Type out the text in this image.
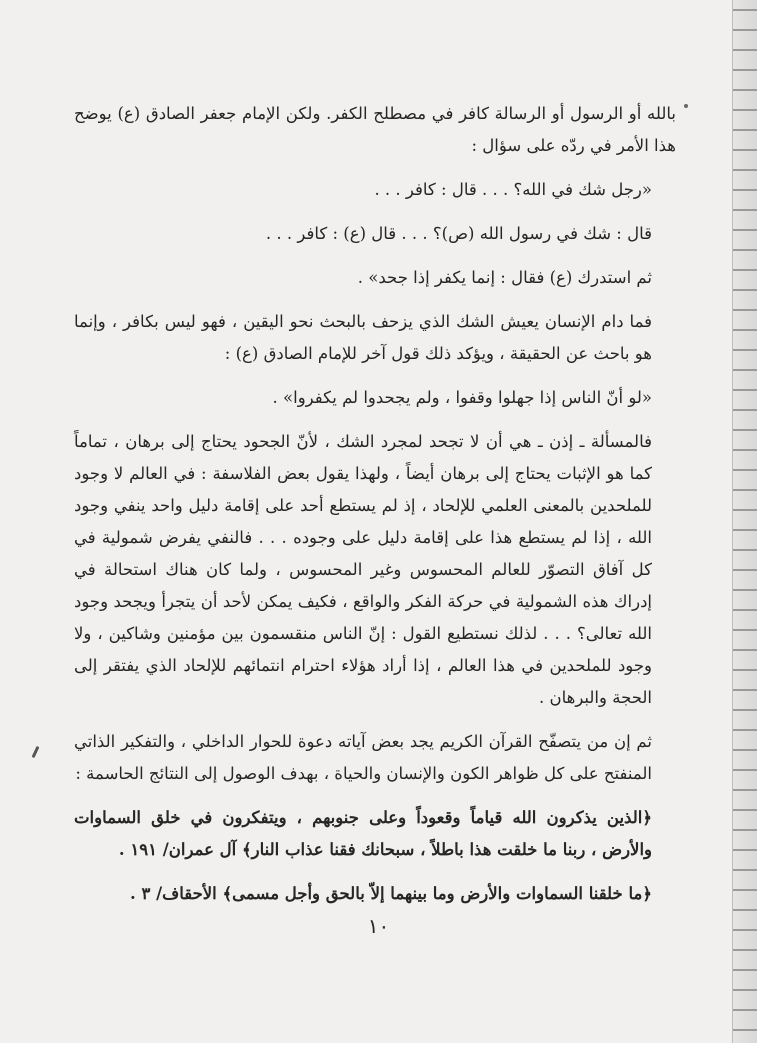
بالله أو الرسول أو الرسالة كافر في مصطلح الكفر. ولكن الإمام جعفر الصادق (ع) يوضح هذا الأمر في ردّه على سؤال :

«رجل شك في الله؟ . . . قال : كافر . . .

قال : شك في رسول الله (ص)؟ . . . قال (ع) : كافر . . .

ثم استدرك (ع) فقال : إنما يكفر إذا جحد» .

فما دام الإنسان يعيش الشك الذي يزحف بالبحث نحو اليقين ، فهو ليس بكافر ، وإنما هو باحث عن الحقيقة ، ويؤكد ذلك قول آخر للإمام الصادق (ع) :

«لو أنّ الناس إذا جهلوا وقفوا ، ولم يجحدوا لم يكفروا» .

فالمسألة ـ إذن ـ هي أن لا تجحد لمجرد الشك ، لأنّ الجحود يحتاج إلى برهان ، تماماً كما هو الإثبات يحتاج إلى برهان أيضاً ، ولهذا يقول بعض الفلاسفة : في العالم لا وجود للملحدين بالمعنى العلمي للإلحاد ، إذ لم يستطع أحد على إقامة دليل واحد ينفي وجود الله ، إذا لم يستطع هذا على إقامة دليل على وجوده . . . فالنفي يفرض شمولية في كل آفاق التصوّر للعالم المحسوس وغير المحسوس ، ولما كان هناك استحالة في إدراك هذه الشمولية في حركة الفكر والواقع ، فكيف يمكن لأحد أن يتجرأ ويجحد وجود الله تعالى؟ . . . لذلك نستطيع القول : إنّ الناس منقسمون بين مؤمنين وشاكين ، ولا وجود للملحدين في هذا العالم ، إذا أراد هؤلاء احترام انتمائهم للإلحاد الذي يفتقر إلى الحجة والبرهان .

ثم إن من يتصفّح القرآن الكريم يجد بعض آياته دعوة للحوار الداخلي ، والتفكير الذاتي المنفتح على كل ظواهر الكون والإنسان والحياة ، بهدف الوصول إلى النتائج الحاسمة :

﴿الذين يذكرون الله قياماً وقعوداً وعلى جنوبهم ، ويتفكرون في خلق السماوات والأرض ، ربنا ما خلقت هذا باطلاً ، سبحانك فقنا عذاب النار﴾ آل عمران/ ١٩١ .

﴿ما خلقنا السماوات والأرض وما بينهما إلاّ بالحق وأجل مسمى﴾ الأحقاف/ ٣ .

١٠
